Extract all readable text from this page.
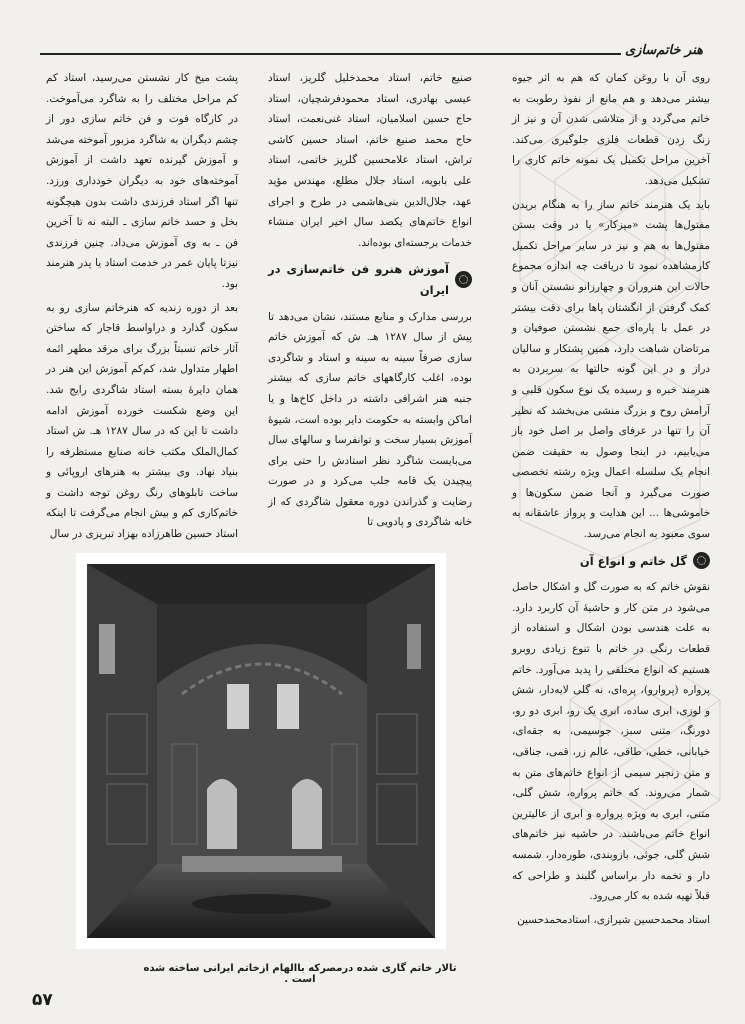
هنر خاتم‌سازی

روی آن با روغن کمان که هم به اثر جیوه بیشتر می‌دهد و هم مانع از نفوذ رطوبت به خاتم می‌گردد و از متلاشی شدن آن و نیز از زنگ زدن قطعات فلزی جلوگیری می‌کند. آخرین مراحل تکمیل یک نمونه خاتم کاری را تشکیل می‌دهد.

باید یک هنرمند خاتم ساز را به هنگام بریدن مفتول‌ها پشت «میزکار» یا در وقت بستن مفتول‌ها به هم و نیز در سایر مراحل تکمیل کارمشاهده نمود تا دریافت چه اندازه مجموع حالات این هنروران و چهارزانو نشستن آنان و کمک گرفتن از انگشتان پاها برای دقت بیشتر در عمل با پاره‌ای جمع نشستن صوفیان و مرتاضان شباهت دارد، همین پشتکار و سالیان دراز و در این گونه حالتها به سربردن به هنرمند خبره و رسیده یک نوع سکون قلبی و آرامش روح و بزرگ منشی می‌بخشد که نظیر آن را تنها در عرفای واصل بر اصل خود باز می‌یابیم، در اینجا وصول به حقیقت ضمن انجام یک سلسله اعمال ویژه رشته تخصصی صورت می‌گیرد و آنجا ضمن سکون‌ها و خاموشی‌ها ... این هدایت و پرواز عاشقانه به سوی معبود به انجام می‌رسد.

گل خاتم و انواع آن

نقوش خاتم که به صورت گل و اشکال حاصل می‌شود در متن کار و حاشیهٔ آن کاربرد دارد. به علت هندسی بودن اشکال و استفاده از قطعات رنگی در خاتم با تنوع زیادی روبرو هستیم که انواع مختلفی را پدید می‌آورد. خاتم پرواره (پروارو)، پره‌ای، نه گلی لایه‌دار، شش و لوزی، ابری ساده، ابری یک رو، ابری دو رو، دورنگ، متنی سبز، جوسیمی، به جقه‌ای، خیابانی، خطی، طاقی، عالم زر، قمی، جناقی، و متن زنجیر سیمی از انواع خاتم‌های متن به شمار می‌روند. که خاتم پرواره، شش گلی، متنی، ابری به ویژه پرواره و ابری از عالیترین انواع خاتم می‌باشند. در حاشیه نیز خاتم‌های شش گلی، جوئی، بازوبندی، طوره‌دار، شمسه دار و تخمه دار براساس گلبند و طراحی که قبلاً تهیه شده به کار می‌رود.

استاد محمدحسین شیرازی، استادمحمدحسین

صنیع خاتم، استاد محمدخلیل گلریز، استاد عیسی بهادری، استاد محمودفرشچیان، استاد حاج حسین اسلامیان، استاد غنی‌نعمت، استاد حاج محمد صنیع خاتم، استاد حسین کاشی تراش، استاد علامحسین گلریز خاتمی، استاد علی بابویه، استاد جلال مطلع، مهندس مؤید عهد، جلال‌الدین بنی‌هاشمی در طرح و اجرای انواع خاتم‌های یکصد سال اخیر ایران منشاء خدمات برجسته‌ای بوده‌اند.

آموزش هنرو فن خاتم‌سازی در ایران

بررسی مدارک و منابع مستند، نشان می‌دهد تا پیش از سال ۱۲۸۷ هـ. ش که آموزش خاتم سازی صرفاً سینه به سینه و استاد و شاگردی بوده، اغلب کارگاههای خاتم سازی که بیشتر جنبه هنر اشرافی داشته در داخل کاخ‌ها و یا اماکن وابسته به حکومت دایر بوده است، شیوهٔ آموزش بسیار سخت و توانفرسا و سالهای سال می‌بایست شاگرد نظر استادش را حتی برای پیچیدن یک قامه جلب می‌کرد و در صورت رضایت و گذراندن دوره معقول شاگردی که از خانه شاگردی و پادویی تا

پشت میخ کار نشستن می‌رسید، استاد کم کم مراحل مختلف را به شاگرد می‌آموخت. در کارگاه فوت و فن خاتم سازی دور از چشم دیگران به شاگرد مزبور آموخته می‌شد و آموزش گیرنده تعهد داشت از آموزش آموخته‌های خود به دیگران خودداری ورزد. تنها اگر استاد فرزندی داشت بدون هیچگونه بخل و حسد خاتم سازی ـ البته نه تا آخرین فن ـ به وی آموزش می‌داد. چنین فرزندی نیزتا پایان عمر در خدمت استاد یا پدر هنرمند بود.

بعد از دوره زندیه که هنرخاتم سازی رو به سکون گذارد و دراواسط قاجار که ساختن آثار خاتم نسبتاً بزرگ برای مرقد مطهر ائمه اطهار متداول شد، کم‌کم آموزش این هنر در همان دایرهٔ بسته استاد شاگردی رایج شد. این وضع شکست خورده آموزش ادامه داشت تا این که در سال ۱۲۸۷ هـ. ش استاد کمال‌الملک مکتب خانه صنایع مستظرفه را بنیاد نهاد. وی بیشتر به هنرهای اروپائی و ساخت تابلوهای رنگ روغن توجه داشت و خاتم‌کاری کم و بیش انجام می‌گرفت تا اینکه استاد حسین طاهرزاده بهزاد تبریزی در سال

تالار خاتم گاری شده درمصرکه باالهام ازخاتم ایرانی ساخته شده است .
۵۷
